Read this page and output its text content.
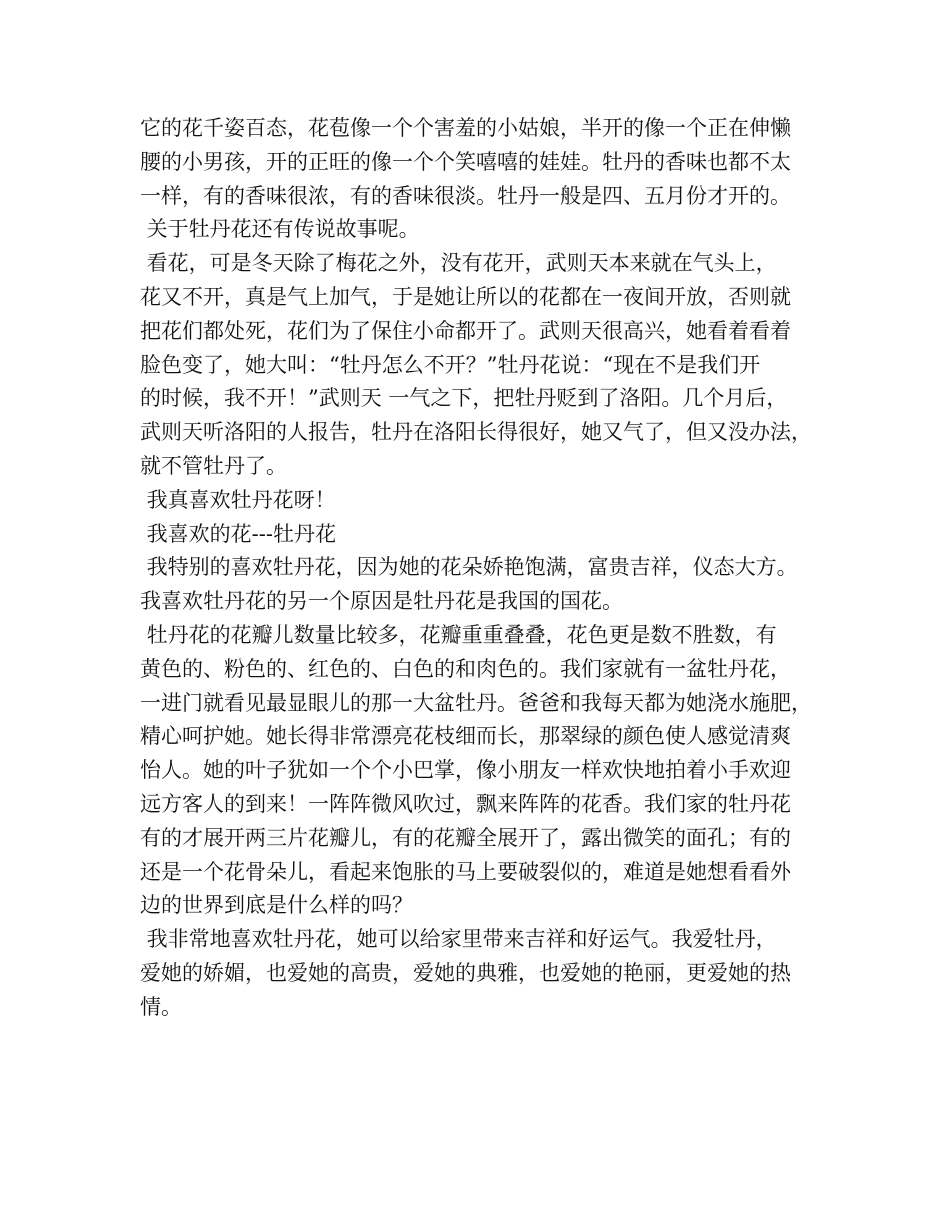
它的花千姿百态，花苞像一个个害羞的小姑娘，半开的像一个正在伸懒
腰的小男孩，开的正旺的像一个个笑嘻嘻的娃娃。牡丹的香味也都不太
一样，有的香味很浓，有的香味很淡。牡丹一般是四、五月份才开的。
关于牡丹花还有传说故事呢。
看花，可是冬天除了梅花之外，没有花开，武则天本来就在气头上，
花又不开，真是气上加气，于是她让所以的花都在一夜间开放，否则就
把花们都处死，花们为了保住小命都开了。武则天很高兴，她看着看着
脸色变了，她大叫：“牡丹怎么不开？”牡丹花说：“现在不是我们开
的时候，我不开！”武则天 一气之下，把牡丹贬到了洛阳。几个月后，
武则天听洛阳的人报告，牡丹在洛阳长得很好，她又气了，但又没办法，
就不管牡丹了。
我真喜欢牡丹花呀！
我喜欢的花---牡丹花
我特别的喜欢牡丹花，因为她的花朵娇艳饱满，富贵吉祥，仪态大方。
我喜欢牡丹花的另一个原因是牡丹花是我国的国花。
牡丹花的花瓣儿数量比较多，花瓣重重叠叠，花色更是数不胜数，有
黄色的、粉色的、红色的、白色的和肉色的。我们家就有一盆牡丹花，
一进门就看见最显眼儿的那一大盆牡丹。爸爸和我每天都为她浇水施肥，
精心呵护她。她长得非常漂亮花枝细而长，那翠绿的颜色使人感觉清爽
怡人。她的叶子犹如一个个小巴掌，像小朋友一样欢快地拍着小手欢迎
远方客人的到来！一阵阵微风吹过，飘来阵阵的花香。我们家的牡丹花
有的才展开两三片花瓣儿，有的花瓣全展开了，露出微笑的面孔；有的
还是一个花骨朵儿，看起来饱胀的马上要破裂似的，难道是她想看看外
边的世界到底是什么样的吗？
我非常地喜欢牡丹花，她可以给家里带来吉祥和好运气。我爱牡丹，
爱她的娇媚，也爱她的高贵，爱她的典雅，也爱她的艳丽，更爱她的热
情。
